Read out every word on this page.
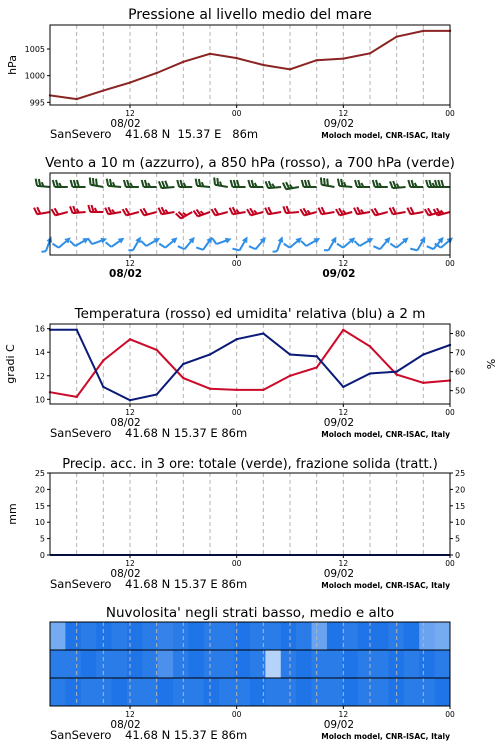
Pressione al livello medio del mare
hPa
995
1000
1005
12	00	12	00
08/02	09/02
SanSevero 41.68 N  15.37 E   86m	Moloch model, CNR-ISAC, Italy
Vento a 10 m (azzurro), a 850 hPa (rosso), a 700 hPa (verde)
12	00	12	00
08/02	09/02
Temperatura (rosso) ed umidita' relativa (blu) a 2 m
gradi C	%
10
12
14
16
50
60
70
80
12	00	12	00
08/02	09/02
SanSevero 41.68 N 15.37 E 86m	Moloch model, CNR-ISAC, Italy
Precip. acc. in 3 ore: totale (verde), frazione solida (tratt.)
mm
0
5
10
15
20
25
0
5
10
15
20
25
12	00	12	00
08/02	09/02
SanSevero 41.68 N 15.37 E 86m	Moloch model, CNR-ISAC, Italy
Nuvolosita' negli strati basso, medio e alto
12	00	12	00
08/02	09/02
SanSevero 41.68 N 15.37 E 86m	Moloch model, CNR-ISAC, Italy
